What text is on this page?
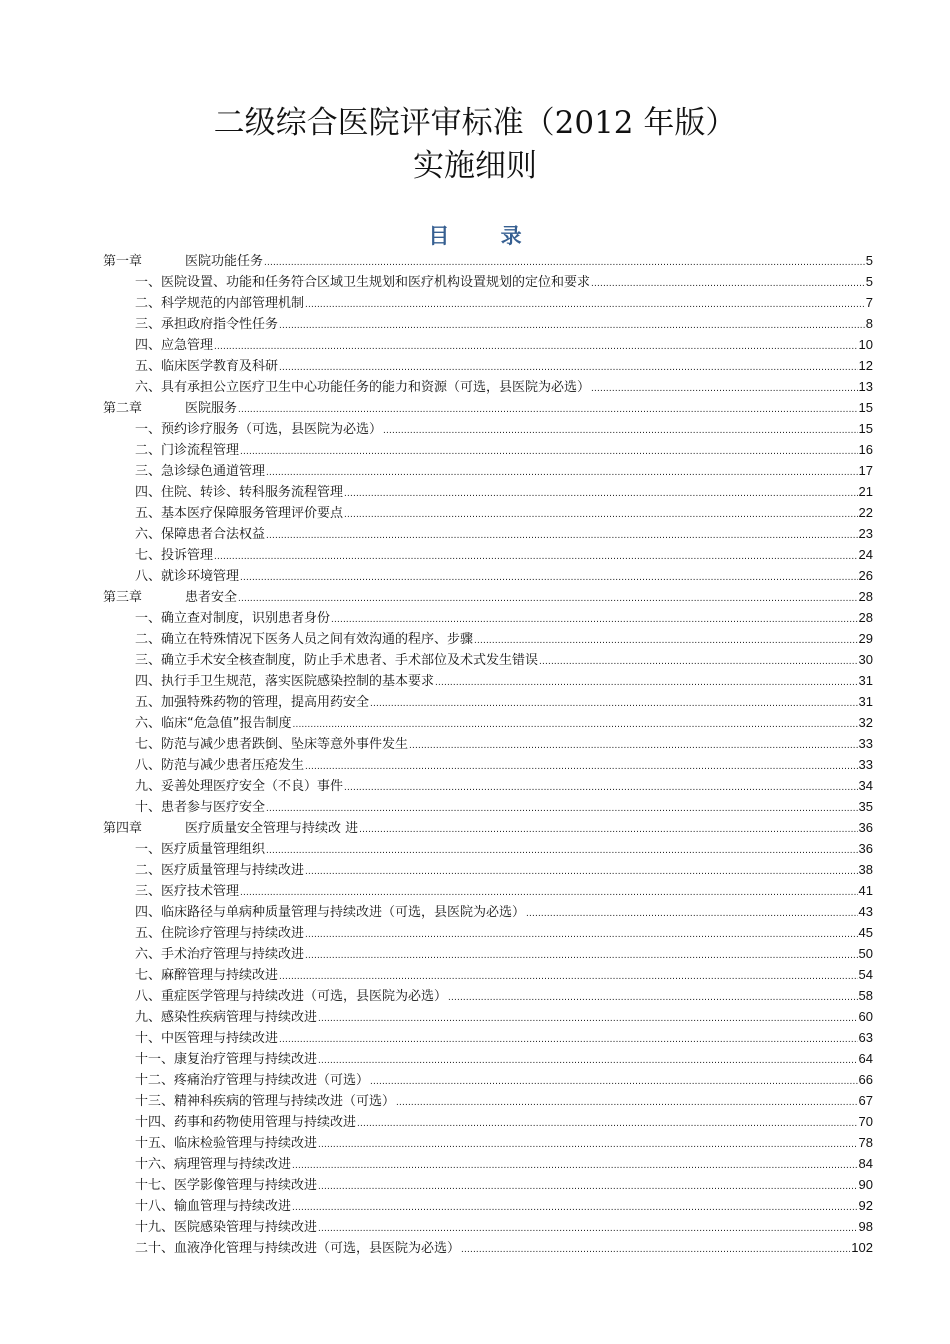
二级综合医院评审标准（2012 年版）
实施细则
目 录
第一章	医院功能任务 .....	5
一、 医院设置、功能和任务符合区域卫生规划和医疗机构设置规划的定位和要求 .....	5
二、 科学规范的内部管理机制 .....	7
三、 承担政府指令性任务 .....	8
四、 应急管理 .....	10
五、 临床医学教育及科研 .....	12
六、 具有承担公立医疗卫生中心功能任务的能力和资源（可选，县医院为必选） .....	13
第二章	医院服务 .....	15
一、 预约诊疗服务（可选，县医院为必选） .....	15
二、 门诊流程管理 .....	16
三、 急诊绿色通道管理 .....	17
四、 住院、转诊、转科服务流程管理 .....	21
五、 基本医疗保障服务管理评价要点 .....	22
六、 保障患者合法权益 .....	23
七、 投诉管理 .....	24
八、 就诊环境管理 .....	26
第三章	患者安全 .....	28
一、 确立查对制度，识别患者身份 .....	28
二、 确立在特殊情况下医务人员之间有效沟通的程序、步骤 .....	29
三、 确立手术安全核查制度，防止手术患者、手术部位及术式发生错误 .....	30
四、 执行手卫生规范，落实医院感染控制的基本要求 .....	31
五、 加强特殊药物的管理，提高用药安全 .....	31
六、 临床“危急值”报告制度 .....	32
七、 防范与减少患者跌倒、坠床等意外事件发生 .....	33
八、 防范与减少患者压疮发生 .....	33
九、 妥善处理医疗安全（不良）事件 .....	34
十、 患者参与医疗安全 .....	35
第四章	医疗质量安全管理与持续改 进 .....	36
一、 医疗质量管理组织 .....	36
二、 医疗质量管理与持续改进 .....	38
三、 医疗技术管理 .....	41
四、 临床路径与单病种质量管理与持续改进（可选，县医院为必选） .....	43
五、 住院诊疗管理与持续改进 .....	45
六、 手术治疗管理与持续改进 .....	50
七、 麻醉管理与持续改进 .....	54
八、 重症医学管理与持续改进（可选，县医院为必选） .....	58
九、 感染性疾病管理与持续改进 .....	60
十、 中医管理与持续改进 .....	63
十一、 康复治疗管理与持续改进 .....	64
十二、 疼痛治疗管理与持续改进（可选） .....	66
十三、 精神科疾病的管理与持续改进（可选） .....	67
十四、 药事和药物使用管理与持续改进 .....	70
十五、 临床检验管理与持续改进 .....	78
十六、 病理管理与持续改进 .....	84
十七、 医学影像管理与持续改进 .....	90
十八、 输血管理与持续改进 .....	92
十九、 医院感染管理与持续改进 .....	98
二十、 血液净化管理与持续改进（可选，县医院为必选） .....	102
